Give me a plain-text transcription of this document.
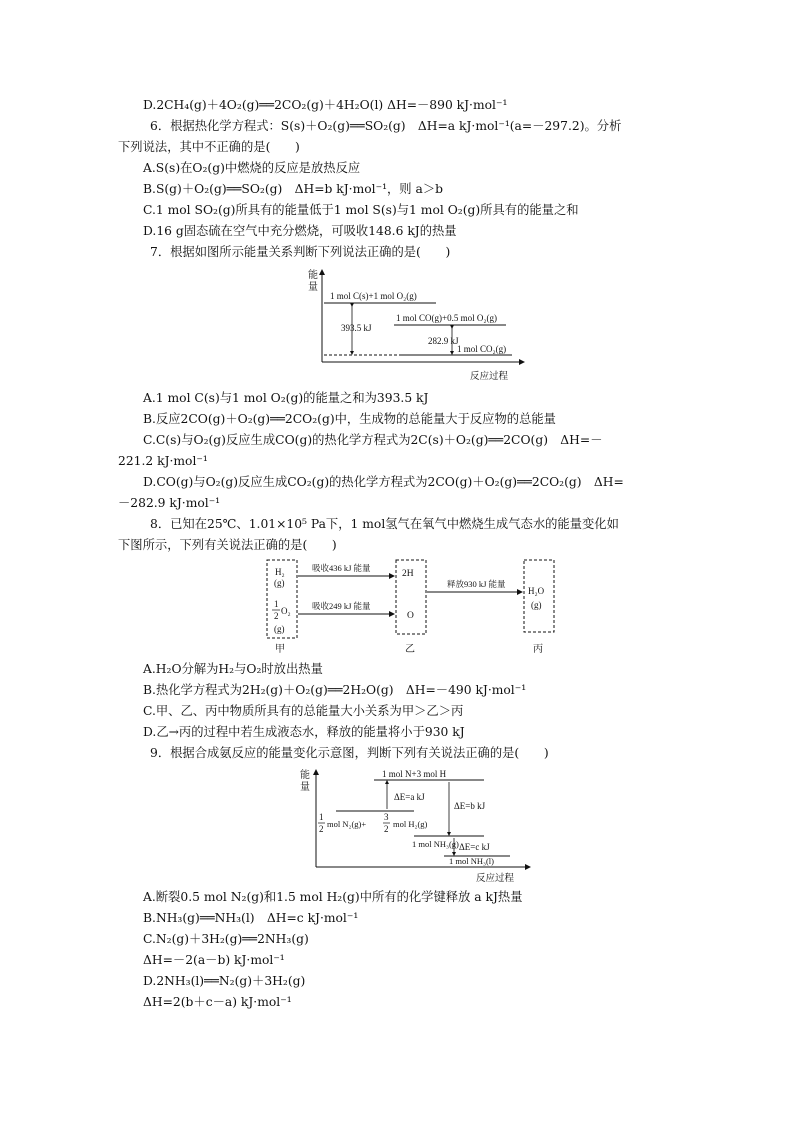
D.2CH₄(g)＋4O₂(g)══2CO₂(g)＋4H₂O(l) ΔH=－890 kJ·mol⁻¹
6．根据热化学方程式：S(s)＋O₂(g)══SO₂(g)　ΔH=a kJ·mol⁻¹(a=－297.2)。分析
下列说法，其中不正确的是(　　)
A.S(s)在O₂(g)中燃烧的反应是放热反应
B.S(g)＋O₂(g)══SO₂(g)　ΔH=b kJ·mol⁻¹，则 a＞b
C.1 mol SO₂(g)所具有的能量低于1 mol S(s)与1 mol O₂(g)所具有的能量之和
D.16 g固态硫在空气中充分燃烧，可吸收148.6 kJ的热量
7．根据如图所示能量关系判断下列说法正确的是(　　)
能
量
1 mol C(s)+1 mol O₂(g)
1 mol CO(g)+0.5 mol O₂(g)
1 mol CO₂(g)
393.5 kJ
282.9 kJ
反应过程
A.1 mol C(s)与1 mol O₂(g)的能量之和为393.5 kJ
B.反应2CO(g)＋O₂(g)══2CO₂(g)中，生成物的总能量大于反应物的总能量
C.C(s)与O₂(g)反应生成CO(g)的热化学方程式为2C(s)＋O₂(g)══2CO(g)　ΔH=－
221.2 kJ·mol⁻¹
D.CO(g)与O₂(g)反应生成CO₂(g)的热化学方程式为2CO(g)＋O₂(g)══2CO₂(g)　ΔH=
－282.9 kJ·mol⁻¹
8．已知在25℃、1.01×10⁵ Pa下，1 mol氢气在氧气中燃烧生成气态水的能量变化如
下图所示，下列有关说法正确的是(　　)
H₂
(g)
1
2 O₂
(g)
吸收436 kJ 能量
吸收249 kJ 能量
2H
O
释放930 kJ 能量
H₂O
(g)
甲	乙	丙
A.H₂O分解为H₂与O₂时放出热量
B.热化学方程式为2H₂(g)＋O₂(g)══2H₂O(g)　ΔH=－490 kJ·mol⁻¹
C.甲、乙、丙中物质所具有的总能量大小关系为甲＞乙＞丙
D.乙→丙的过程中若生成液态水，释放的能量将小于930 kJ
9．根据合成氨反应的能量变化示意图，判断下列有关说法正确的是(　　)
能
量
1 mol N+3 mol H
ΔE=a kJ
ΔE=b kJ
1
2 mol N₂(g)+
3
2 mol H₂(g)
1 mol NH₃(g) ΔE=c kJ
1 mol NH₃(l)
反应过程
A.断裂0.5 mol N₂(g)和1.5 mol H₂(g)中所有的化学键释放 a kJ热量
B.NH₃(g)══NH₃(l)　ΔH=c kJ·mol⁻¹
C.N₂(g)＋3H₂(g)══2NH₃(g)
ΔH=－2(a－b) kJ·mol⁻¹
D.2NH₃(l)══N₂(g)＋3H₂(g)
ΔH=2(b＋c－a) kJ·mol⁻¹
